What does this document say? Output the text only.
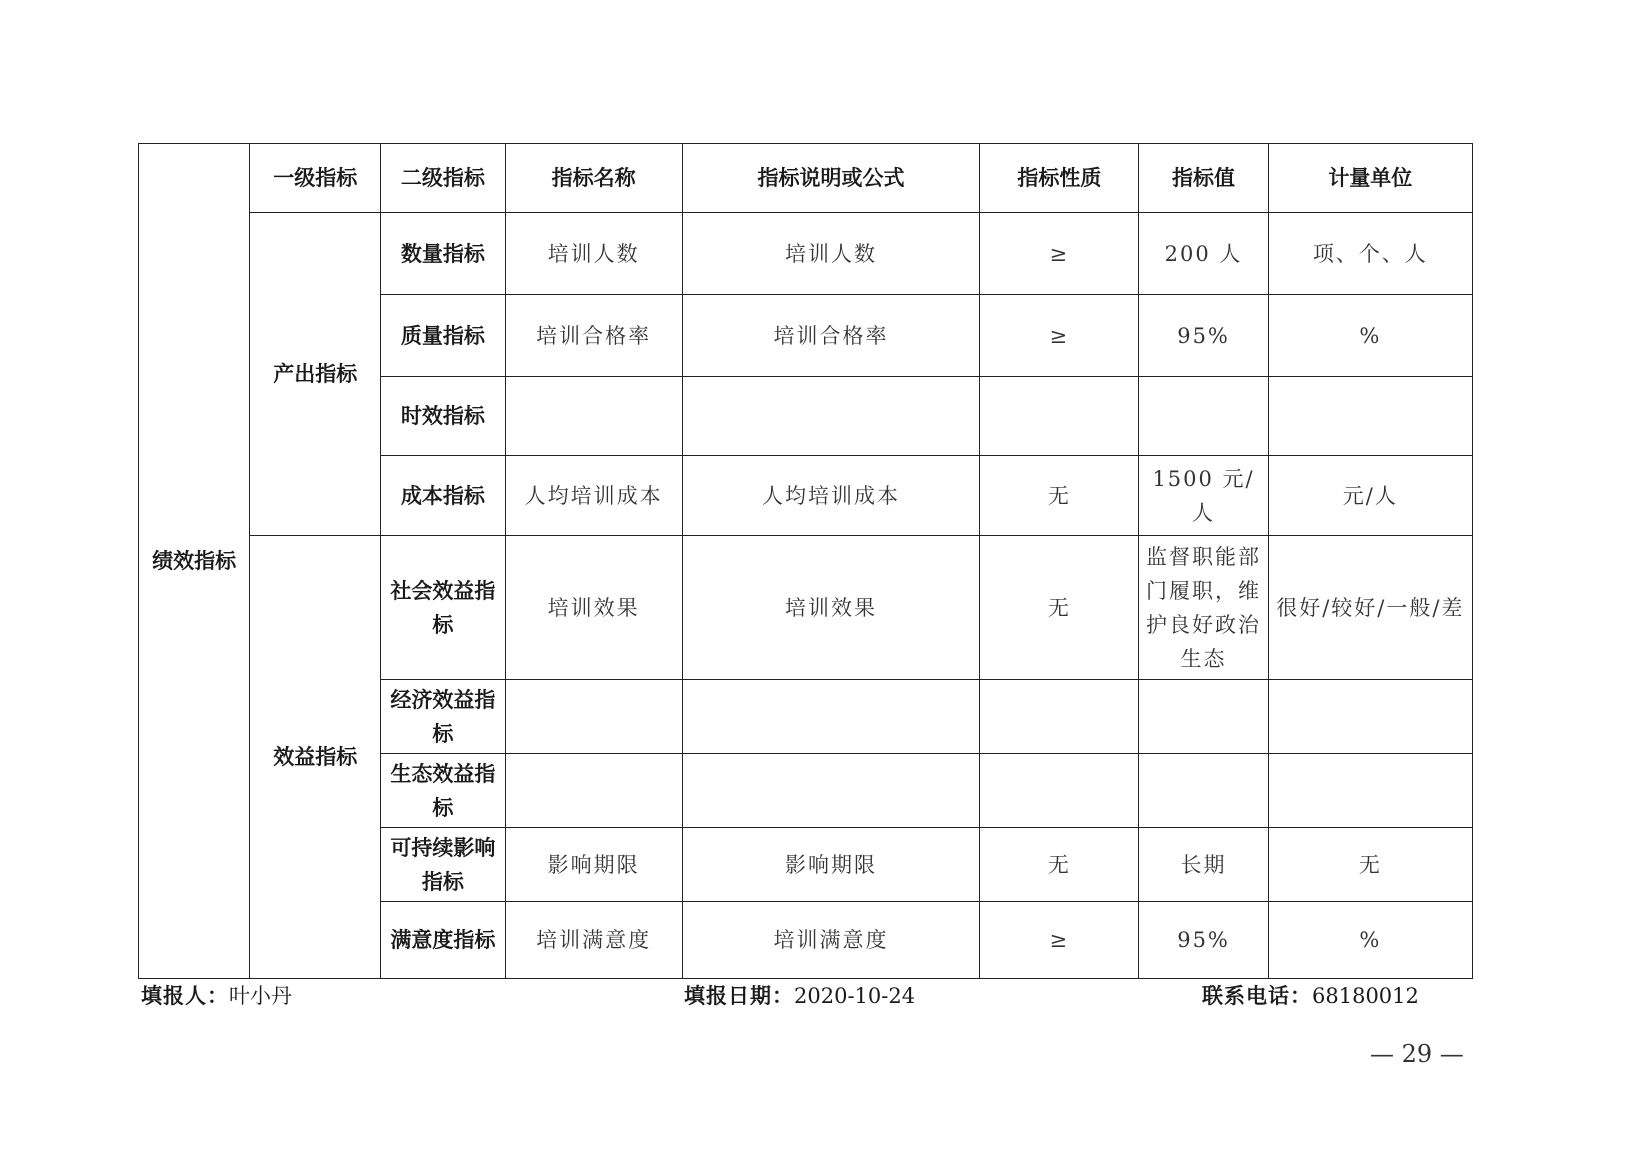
绩效指标	一级指标	二级指标	指标名称	指标说明或公式	指标性质	指标值	计量单位
	产出指标	数量指标	培训人数	培训人数	≥	200 人	项、个、人
		质量指标	培训合格率	培训合格率	≥	95%	%
		时效指标					
		成本指标	人均培训成本	人均培训成本	无	1500 元/人	元/人
	效益指标	社会效益指标	培训效果	培训效果	无	监督职能部门履职，维护良好政治生态	很好/较好/一般/差
		经济效益指标					
		生态效益指标					
		可持续影响指标	影响期限	影响期限	无	长期	无
		满意度指标	培训满意度	培训满意度	≥	95%	%
填报人：叶小丹	填报日期：2020-10-24	联系电话：68180012
— 29 —
